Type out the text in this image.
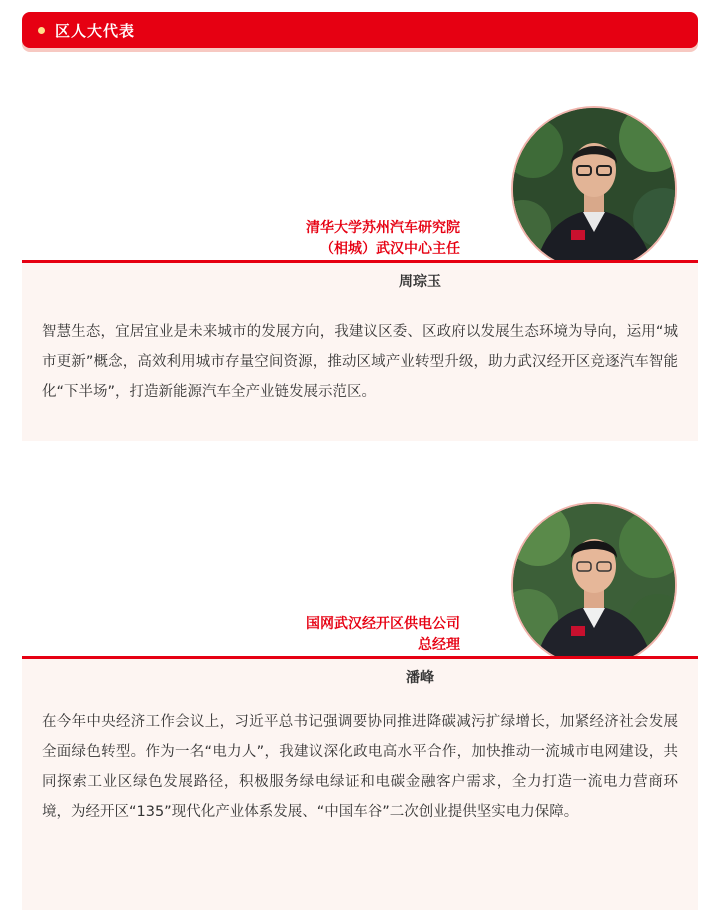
区人大代表
清华大学苏州汽车研究院
（相城）武汉中心主任
周琮玉

智慧生态，宜居宜业是未来城市的发展方向，我建议区委、区政府以发展生态环境为导向，运用“城市更新”概念，高效利用城市存量空间资源，推动区域产业转型升级，助力武汉经开区竞逐汽车智能化“下半场”，打造新能源汽车全产业链发展示范区。

国网武汉经开区供电公司
总经理
潘峰

在今年中央经济工作会议上，习近平总书记强调要协同推进降碳减污扩绿增长，加紧经济社会发展全面绿色转型。作为一名“电力人”，我建议深化政电高水平合作，加快推动一流城市电网建设，共同探索工业区绿色发展路径，积极服务绿电绿证和电碳金融客户需求，全力打造一流电力营商环境，为经开区“135”现代化产业体系发展、“中国车谷”二次创业提供坚实电力保障。
